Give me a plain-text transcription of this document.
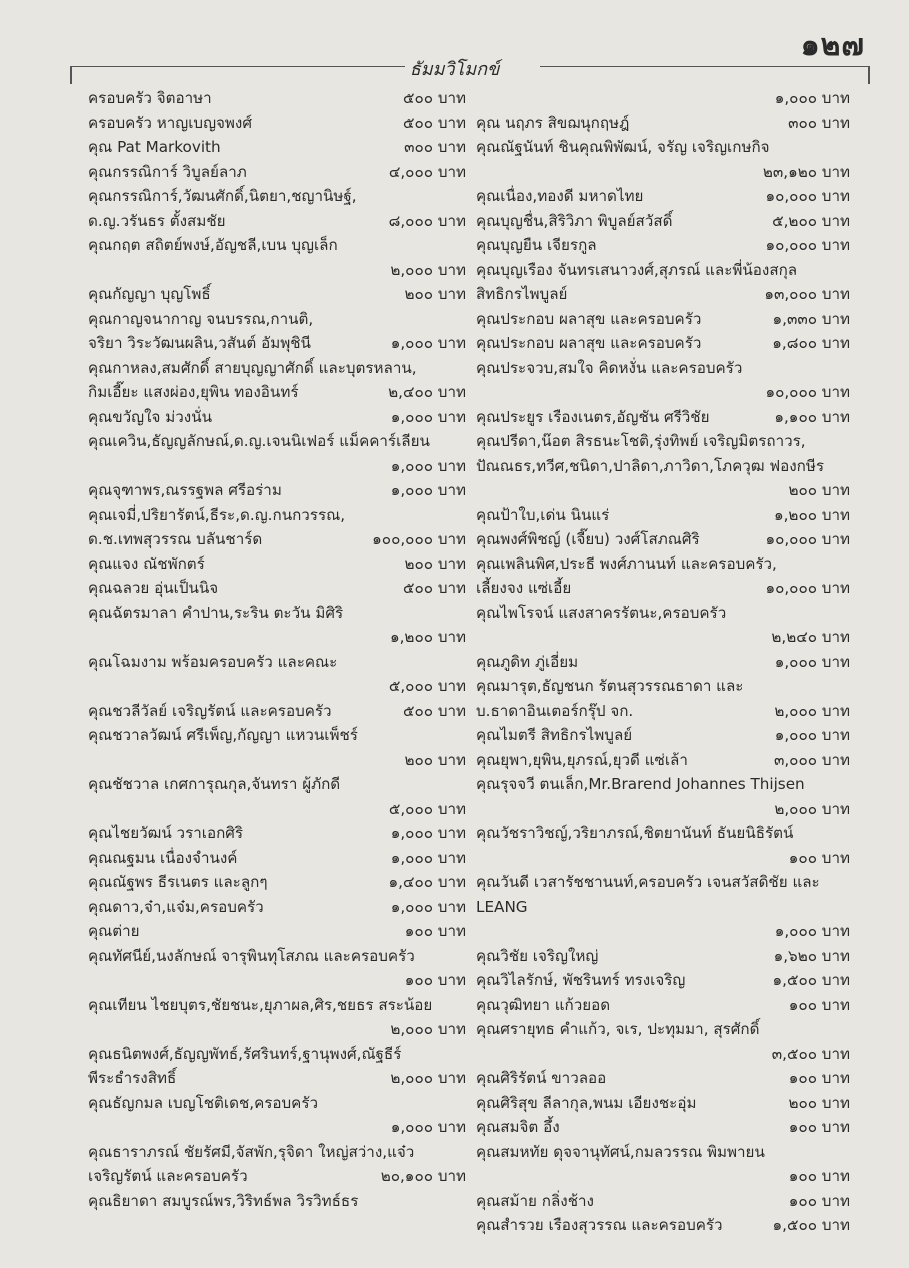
๑๒๗
ธัมมวิโมกข์
ครอบครัว จิตอาษา	๕๐๐ บาท
ครอบครัว หาญเบญจพงศ์	๕๐๐ บาท
คุณ Pat Markovith	๓๐๐ บาท
คุณกรรณิการ์ วิบูลย์ลาภ	๔,๐๐๐ บาท
คุณกรรณิการ์,วัฒนศักดิ์,นิตยา,ชญานิษฐ์,
ด.ญ.วรันธร ตั้งสมชัย	๘,๐๐๐ บาท
คุณกฤต สถิตย์พงษ์,อัญชลี,เบน บุญเล็ก
๒,๐๐๐ บาท
คุณกัญญา บุญโพธิ์	๒๐๐ บาท
คุณกาญจนากาญ จนบรรณ,กานติ,
จริยา วิระวัฒนผลิน,วสันต์ อัมพุชินี	๑,๐๐๐ บาท
คุณกาหลง,สมศักดิ์ สายบุญญาศักดิ์ และบุตรหลาน,
กิมเอี๊ยะ แสงผ่อง,ยุพิน ทองอินทร์	๒,๔๐๐ บาท
คุณขวัญใจ ม่วงนั่น	๑,๐๐๐ บาท
คุณเควิน,ธัญญลักษณ์,ด.ญ.เจนนิเฟอร์ แม็คคาร์เลียน
๑,๐๐๐ บาท
คุณจุฑาพร,ณรรฐพล ศรีอร่าม	๑,๐๐๐ บาท
คุณเจมี่,ปริยารัตน์,ธีระ,ด.ญ.กนกวรรณ,
ด.ช.เทพสุวรรณ บลันชาร์ด	๑๐๐,๐๐๐ บาท
คุณแจง ณัชพักตร์	๒๐๐ บาท
คุณฉลวย อุ่นเป็นนิจ	๕๐๐ บาท
คุณฉัตรมาลา คำปาน,ระริน ตะวัน มิศิริ
๑,๒๐๐ บาท
คุณโฉมงาม พร้อมครอบครัว และคณะ
๕,๐๐๐ บาท
คุณชวลีวัลย์ เจริญรัตน์ และครอบครัว	๕๐๐ บาท
คุณชวาลวัฒน์ ศรีเพ็ญ,กัญญา แหวนเพ็ชร์
๒๐๐ บาท
คุณชัชวาล เกศการุณกุล,จันทรา ผู้ภักดี
๕,๐๐๐ บาท
คุณไชยวัฒน์ วราเอกศิริ	๑,๐๐๐ บาท
คุณณฐมน เนื่องจำนงค์	๑,๐๐๐ บาท
คุณณัฐพร ธีรเนตร และลูกๆ	๑,๔๐๐ บาท
คุณดาว,จ๋า,แจ๋ม,ครอบครัว	๑,๐๐๐ บาท
คุณต่าย	๑๐๐ บาท
คุณทัศนีย์,นงลักษณ์ จารุพินทุโสภณ และครอบครัว
๑๐๐ บาท
คุณเทียน ไชยบุตร,ชัยชนะ,ยุภาผล,ศิร,ชยธร สระน้อย
๒,๐๐๐ บาท
คุณธนิตพงศ์,ธัญญพัทธ์,รัศรินทร์,ฐานุพงศ์,ณัฐธีร์
พีระธำรงสิทธิ์	๒,๐๐๐ บาท
คุณธัญกมล เบญโชติเดช,ครอบครัว
๑,๐๐๐ บาท
คุณธาราภรณ์ ชัยรัศมี,จัสพัก,รุจิดา ใหญ่สว่าง,แจ๋ว
เจริญรัตน์ และครอบครัว	๒๐,๑๐๐ บาท
คุณธิยาดา สมบูรณ์พร,วิริทธ์พล วิรวิทธ์ธร
๑,๐๐๐ บาท
คุณ นฤภร สิขฌนุกฤษฎ์	๓๐๐ บาท
คุณณัฐนันท์ ชินคุณพิพัฒน์, จรัญ เจริญเกษกิจ
๒๓,๑๒๐ บาท
คุณเนื่อง,ทองดี มหาดไทย	๑๐,๐๐๐ บาท
คุณบุญชื่น,สิริวิภา พิบูลย์สวัสดิ์	๕,๒๐๐ บาท
คุณบุญยืน เจียรกูล	๑๐,๐๐๐ บาท
คุณบุญเรือง จันทรเสนาวงศ์,สุภรณ์ และพี่น้องสกุล
สิทธิกรไพบูลย์	๑๓,๐๐๐ บาท
คุณประกอบ ผลาสุข และครอบครัว	๑,๓๓๐ บาท
คุณประกอบ ผลาสุข และครอบครัว	๑,๘๐๐ บาท
คุณประจวบ,สมใจ คิดหงั่น และครอบครัว
๑๐,๐๐๐ บาท
คุณประยูร เรืองเนตร,อัญชัน ศรีวิชัย	๑,๑๐๐ บาท
คุณปรีดา,น๊อต สิรธนะโชติ,รุ่งทิพย์ เจริญมิตรถาวร,
ปัณณธร,ทวีศ,ชนิดา,ปาลิดา,ภาวิดา,โภควุฒ ฟองกษีร
๒๐๐ บาท
คุณป้าใบ,เด่น นินแร่	๑,๒๐๐ บาท
คุณพงศ์พิชญ์ (เจี๊ยบ) วงศ์โสภณศิริ	๑๐,๐๐๐ บาท
คุณเพลินพิศ,ประธี พงศ์ภานนท์ และครอบครัว,
เลี้ยงจง แซ่เอี้ย	๑๐,๐๐๐ บาท
คุณไพโรจน์ แสงสาครรัตนะ,ครอบครัว
๒,๒๔๐ บาท
คุณภูดิท ภู่เอี่ยม	๑,๐๐๐ บาท
คุณมารุต,ธัญชนก รัตนสุวรรณธาดา และ
บ.ธาดาอินเตอร์กรุ๊ป จก.	๒,๐๐๐ บาท
คุณไมตรี สิทธิกรไพบูลย์	๑,๐๐๐ บาท
คุณยุพา,ยุพิน,ยุภรณ์,ยุวดี แซ่เล้า	๓,๐๐๐ บาท
คุณรุจจวี ตนเล็ก,Mr.Brarend Johannes Thijsen
๒,๐๐๐ บาท
คุณวัชราวิชญ์,วริยาภรณ์,ชิตยานันท์ ธันยนิธิรัตน์
๑๐๐ บาท
คุณวันดี เวสารัชชานนท์,ครอบครัว เจนสวัสดิชัย และ
LEANG
๑,๐๐๐ บาท
คุณวิชัย เจริญใหญ่	๑,๖๒๐ บาท
คุณวิไลรักษ์, พัชรินทร์ ทรงเจริญ	๑,๕๐๐ บาท
คุณวุฒิทยา แก้วยอด	๑๐๐ บาท
คุณศรายุทธ คำแก้ว, จเร, ปะทุมมา, สุรศักดิ์
๓,๕๐๐ บาท
คุณศิริรัตน์ ขาวลออ	๑๐๐ บาท
คุณศิริสุข ลีลากุล,พนม เอียงชะอุ่ม	๒๐๐ บาท
คุณสมจิต อึ้ง	๑๐๐ บาท
คุณสมหทัย ดุจจานุทัศน์,กมลวรรณ พิมพายน
๑๐๐ บาท
คุณสม้าย กลิ่งช้าง	๑๐๐ บาท
คุณสำรวย เรืองสุวรรณ และครอบครัว	๑,๕๐๐ บาท
